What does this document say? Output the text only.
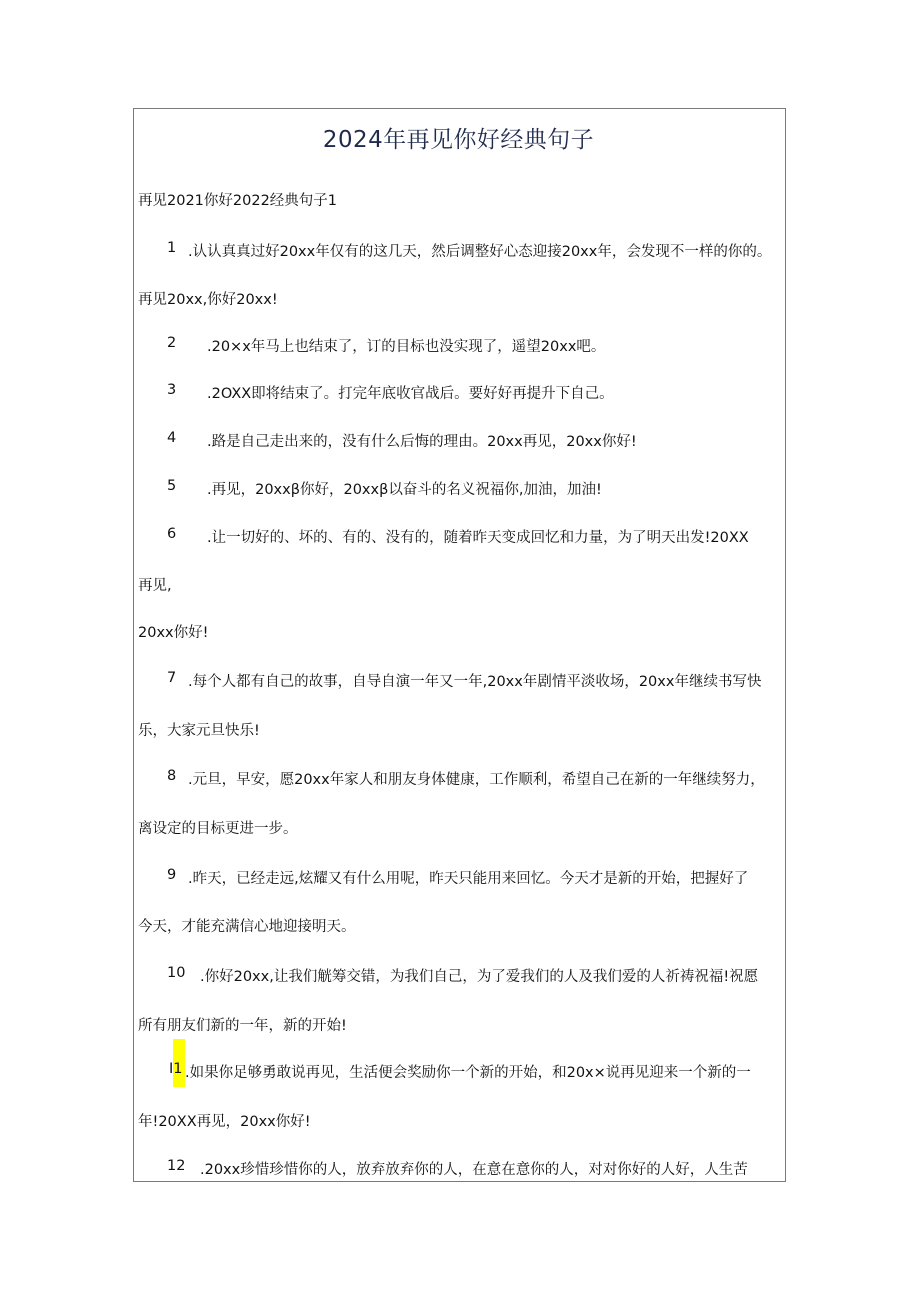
2024年再见你好经典句子
再见2021你好2022经典句子1
1 .认认真真过好20xx年仅有的这几天，然后调整好心态迎接20xx年，会发现不一样的你的。
再见20xx,你好20xx!
2 .20×x年马上也结束了，订的目标也没实现了，遥望20xx吧。
3 .2OXX即将结束了。打完年底收官战后。要好好再提升下自己。
4 .路是自己走出来的，没有什么后悔的理由。20xx再见，20xx你好!
5 .再见，20xxβ你好，20xxβ以奋斗的名义祝福你,加油，加油!
6 .让一切好的、坏的、有的、没有的，随着昨天变成回忆和力量，为了明天出发!20XX
再见,
20xx你好!
7 .每个人都有自己的故事，自导自演一年又一年,20xx年剧情平淡收场，20xx年继续书写快
乐，大家元旦快乐!
8 .元旦，早安，愿20xx年家人和朋友身体健康，工作顺利，希望自己在新的一年继续努力，
离设定的目标更进一步。
9 .昨天，已经走远,炫耀又有什么用呢，昨天只能用来回忆。今天才是新的开始，把握好了
今天，才能充满信心地迎接明天。
10 .你好20xx,让我们觥筹交错，为我们自己，为了爱我们的人及我们爱的人祈祷祝福!祝愿
所有朋友们新的一年，新的开始!
I1 .如果你足够勇敢说再见，生活便会奖励你一个新的开始，和20x×说再见迎来一个新的一
年!20XX再见，20xx你好!
12 .20xx珍惜珍惜你的人，放弃放弃你的人，在意在意你的人，对对你好的人好，人生苦
